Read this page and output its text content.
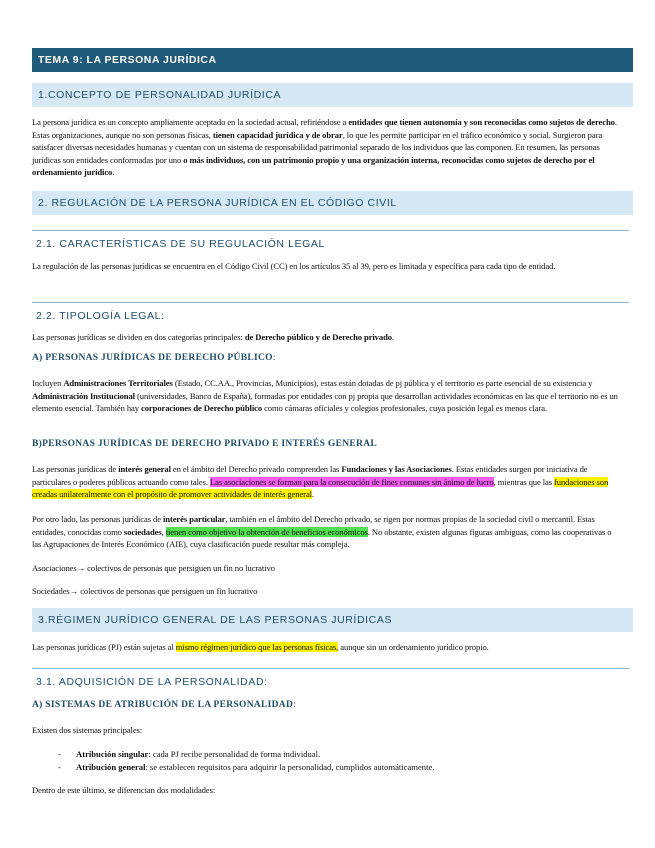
TEMA 9: LA PERSONA JURÍDICA
1.CONCEPTO DE PERSONALIDAD JURÍDICA

La persona jurídica es un concepto ampliamente aceptado en la sociedad actual, refiriéndose a entidades que tienen autonomía y son reconocidas como sujetos de derecho. Estas organizaciones, aunque no son personas físicas, tienen capacidad jurídica y de obrar, lo que les permite participar en el tráfico económico y social. Surgieron para satisfacer diversas necesidades humanas y cuentan con un sistema de responsabilidad patrimonial separado de los individuos que las componen. En resumen, las personas jurídicas son entidades conformadas por uno o más individuos, con un patrimonio propio y una organización interna, reconocidas como sujetos de derecho por el ordenamiento jurídico.

2. REGULACIÓN DE LA PERSONA JURÍDICA EN EL CÓDIGO CIVIL
2.1. CARACTERÍSTICAS DE SU REGULACIÓN LEGAL

La regulación de las personas jurídicas se encuentra en el Código Civil (CC) en los artículos 35 al 39, pero es limitada y específica para cada tipo de entidad.

2.2. TIPOLOGÍA LEGAL:

Las personas jurídicas se dividen en dos categorías principales: de Derecho público y de Derecho privado.

A) PERSONAS JURÍDICAS DE DERECHO PÚBLICO:

Incluyen Administraciones Territoriales (Estado, CC.AA., Provincias, Municipios), estas están dotadas de pj pública y el territorio es parte esencial de su existencia y Administración Institucional (universidades, Banco de España), formadas por entidades con pj propia que desarrollan actividades económicas en las que el territorio no es un elemento esencial. También hay corporaciones de Derecho público como cámaras oficiales y colegios profesionales, cuya posición legal es menos clara.

B)PERSONAS JURÍDICAS DE DERECHO PRIVADO E INTERÉS GENERAL

Las personas jurídicas de interés general en el ámbito del Derecho privado comprenden las Fundaciones y las Asociaciones. Estas entidades surgen por iniciativa de particulares o poderes públicos actuando como tales. Las asociaciones se forman para la consecución de fines comunes sin ánimo de lucro, mientras que las fundaciones son creadas unilateralmente con el propósito de promover actividades de interés general.

Por otro lado, las personas jurídicas de interés particular, también en el ámbito del Derecho privado, se rigen por normas propias de la sociedad civil o mercantil. Estas entidades, conocidas como sociedades, tienen como objetivo la obtención de beneficios económicos. No obstante, existen algunas figuras ambiguas, como las cooperativas o las Agrupaciones de Interés Económico (AIE), cuya clasificación puede resultar más compleja.

Asociaciones→ colectivos de personas que persiguen un fin no lucrativo

Sociedades→ colectivos de personas que persiguen un fin lucrativo

3.RÉGIMEN JURÍDICO GENERAL DE LAS PERSONAS JURÍDICAS

Las personas jurídicas (PJ) están sujetas al mismo régimen jurídico que las personas físicas, aunque sin un ordenamiento jurídico propio.

3.1. ADQUISICIÓN DE LA PERSONALIDAD:

A) SISTEMAS DE ATRIBUCIÓN DE LA PERSONALIDAD:

Existen dos sistemas principales:

- Atribución singular: cada PJ recibe personalidad de forma individual.
- Atribución general: se establecen requisitos para adquirir la personalidad, cumplidos automáticamente.

Dentro de este último, se diferencian dos modalidades:
